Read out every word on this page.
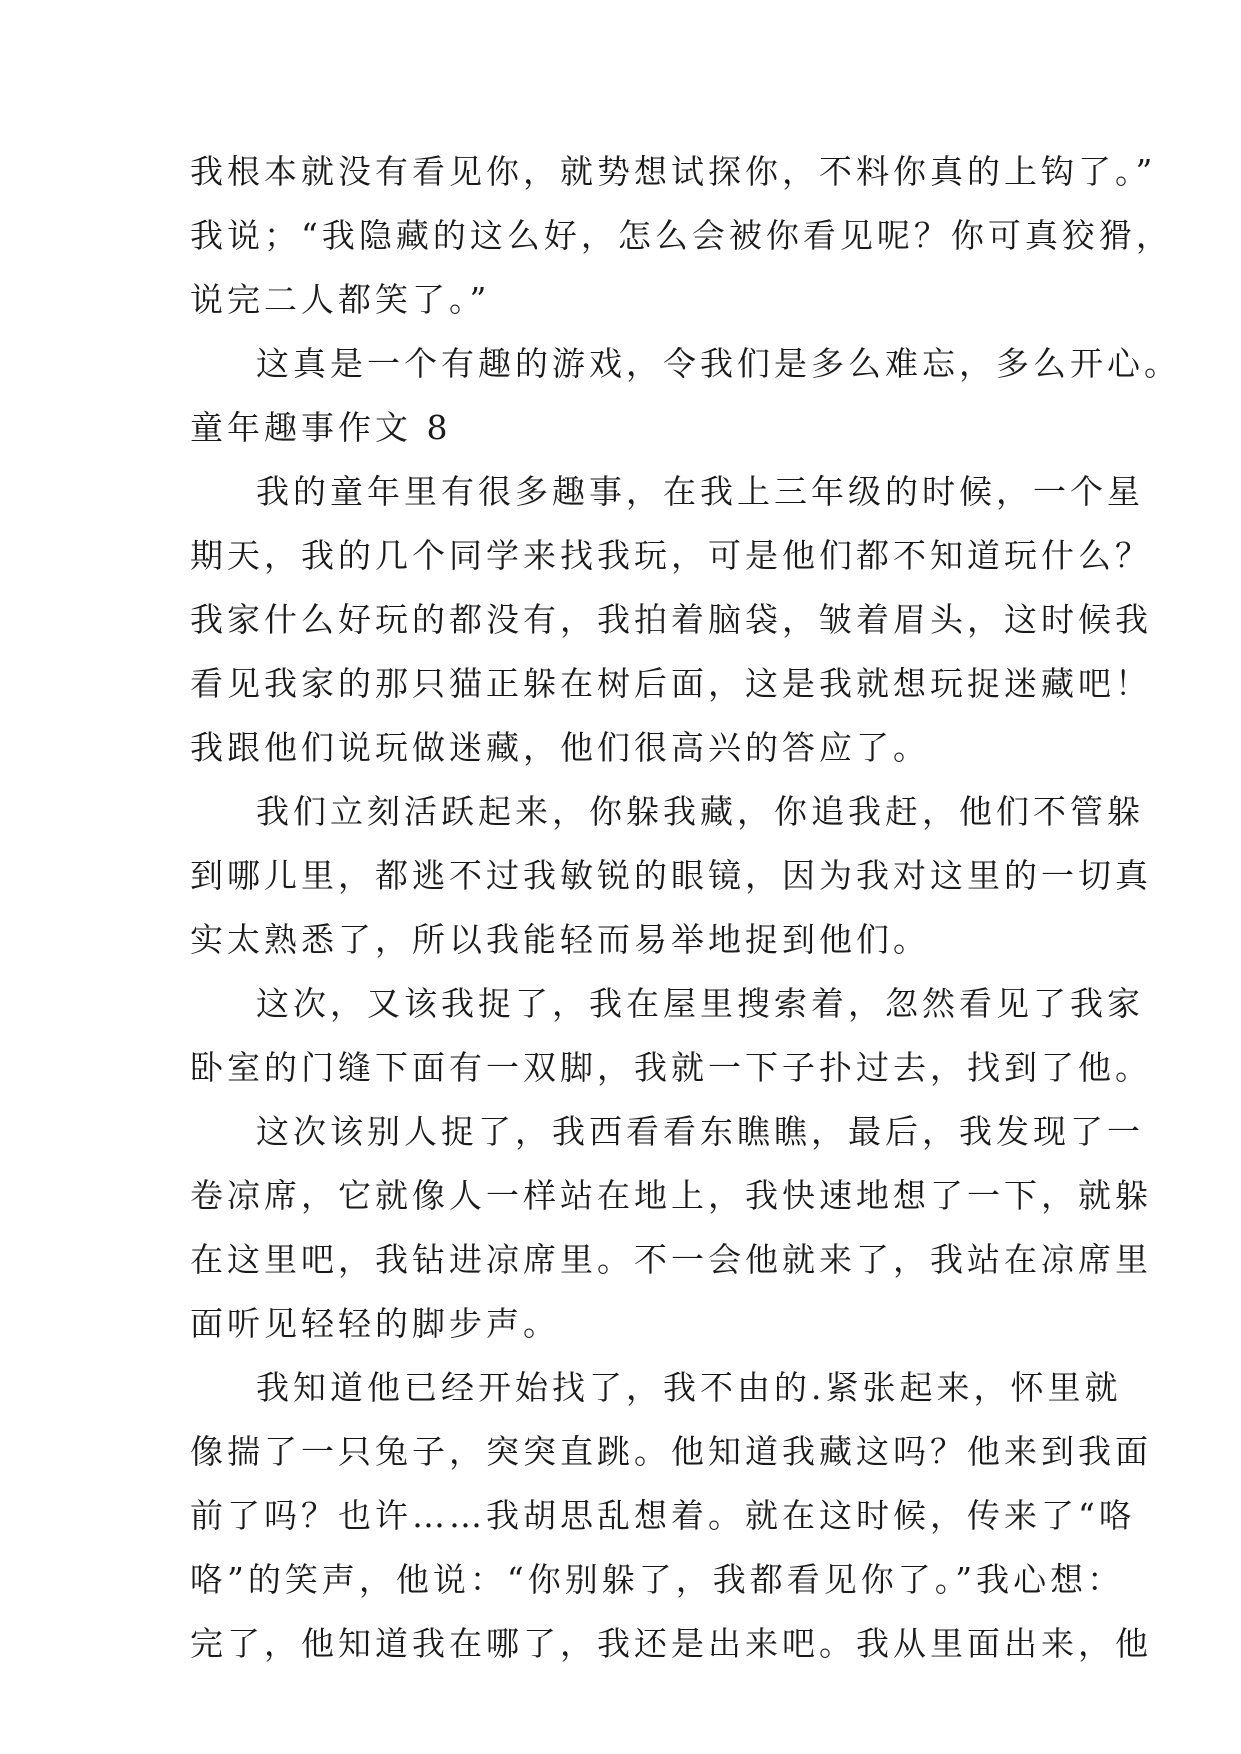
我根本就没有看见你，就势想试探你，不料你真的上钩了。”
我说；“我隐藏的这么好，怎么会被你看见呢？你可真狡猾，
说完二人都笑了。”
这真是一个有趣的游戏，令我们是多么难忘，多么开心。
童年趣事作文 8
我的童年里有很多趣事，在我上三年级的时候，一个星
期天，我的几个同学来找我玩，可是他们都不知道玩什么？
我家什么好玩的都没有，我拍着脑袋，皱着眉头，这时候我
看见我家的那只猫正躲在树后面，这是我就想玩捉迷藏吧！
我跟他们说玩做迷藏，他们很高兴的答应了。
我们立刻活跃起来，你躲我藏，你追我赶，他们不管躲
到哪儿里，都逃不过我敏锐的眼镜，因为我对这里的一切真
实太熟悉了，所以我能轻而易举地捉到他们。
这次，又该我捉了，我在屋里搜索着，忽然看见了我家
卧室的门缝下面有一双脚，我就一下子扑过去，找到了他。
这次该别人捉了，我西看看东瞧瞧，最后，我发现了一
卷凉席，它就像人一样站在地上，我快速地想了一下，就躲
在这里吧，我钻进凉席里。不一会他就来了，我站在凉席里
面听见轻轻的脚步声。
我知道他已经开始找了，我不由的.紧张起来，怀里就
像揣了一只兔子，突突直跳。他知道我藏这吗？他来到我面
前了吗？也许……我胡思乱想着。就在这时候，传来了“咯
咯”的笑声，他说：“你别躲了，我都看见你了。”我心想：
完了，他知道我在哪了，我还是出来吧。我从里面出来，他
